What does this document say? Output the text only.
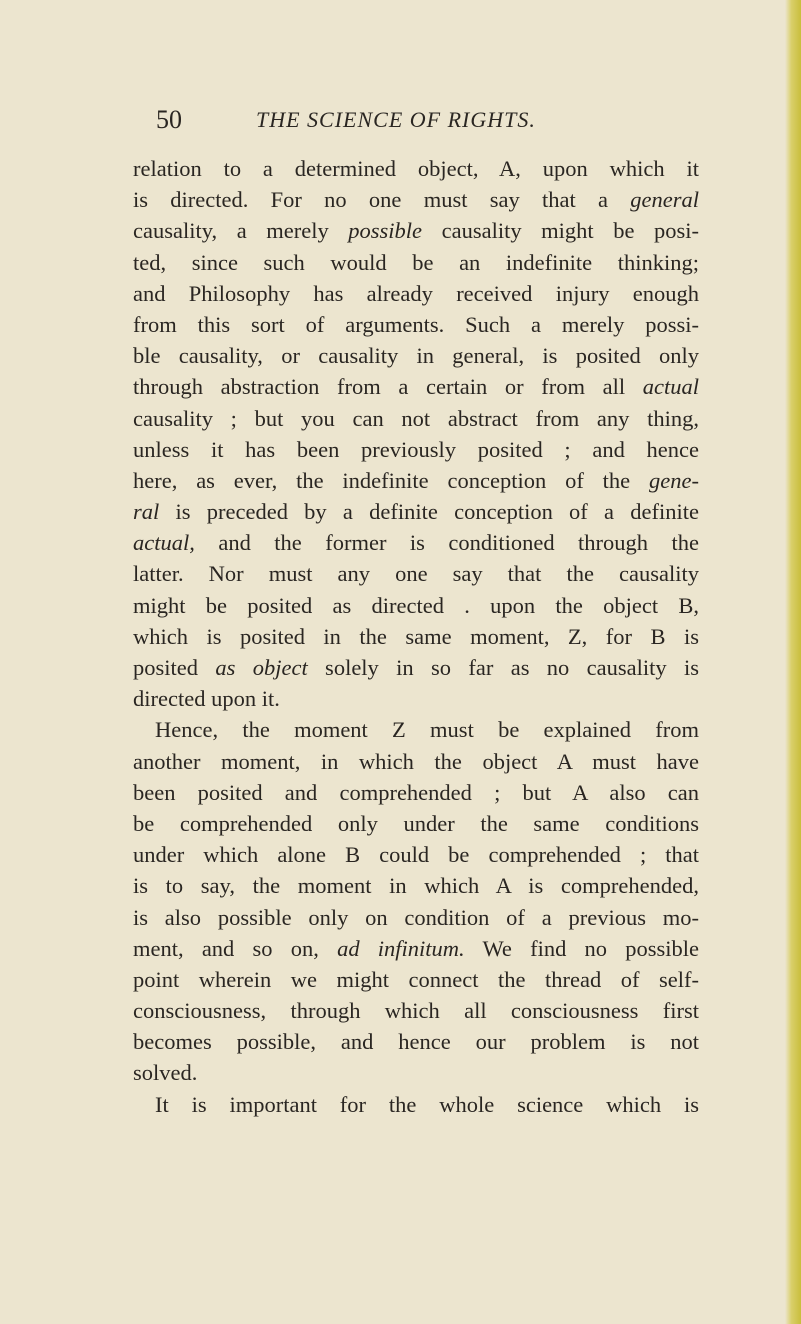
50	THE SCIENCE OF RIGHTS.
relation to a determined object, A, upon which it
is directed. For no one must say that a general
causality, a merely possible causality might be posi-
ted, since such would be an indefinite thinking;
and Philosophy has already received injury enough
from this sort of arguments. Such a merely possi-
ble causality, or causality in general, is posited only
through abstraction from a certain or from all actual
causality ; but you can not abstract from any thing,
unless it has been previously posited ; and hence
here, as ever, the indefinite conception of the gene-
ral is preceded by a definite conception of a definite
actual, and the former is conditioned through the
latter. Nor must any one say that the causality
might be posited as directed . upon the object B,
which is posited in the same moment, Z, for B is
posited as object solely in so far as no causality is
directed upon it.
Hence, the moment Z must be explained from
another moment, in which the object A must have
been posited and comprehended ; but A also can
be comprehended only under the same conditions
under which alone B could be comprehended ; that
is to say, the moment in which A is comprehended,
is also possible only on condition of a previous mo-
ment, and so on, ad infinitum. We find no possible
point wherein we might connect the thread of self-
consciousness, through which all consciousness first
becomes possible, and hence our problem is not
solved.
It is important for the whole science which is
